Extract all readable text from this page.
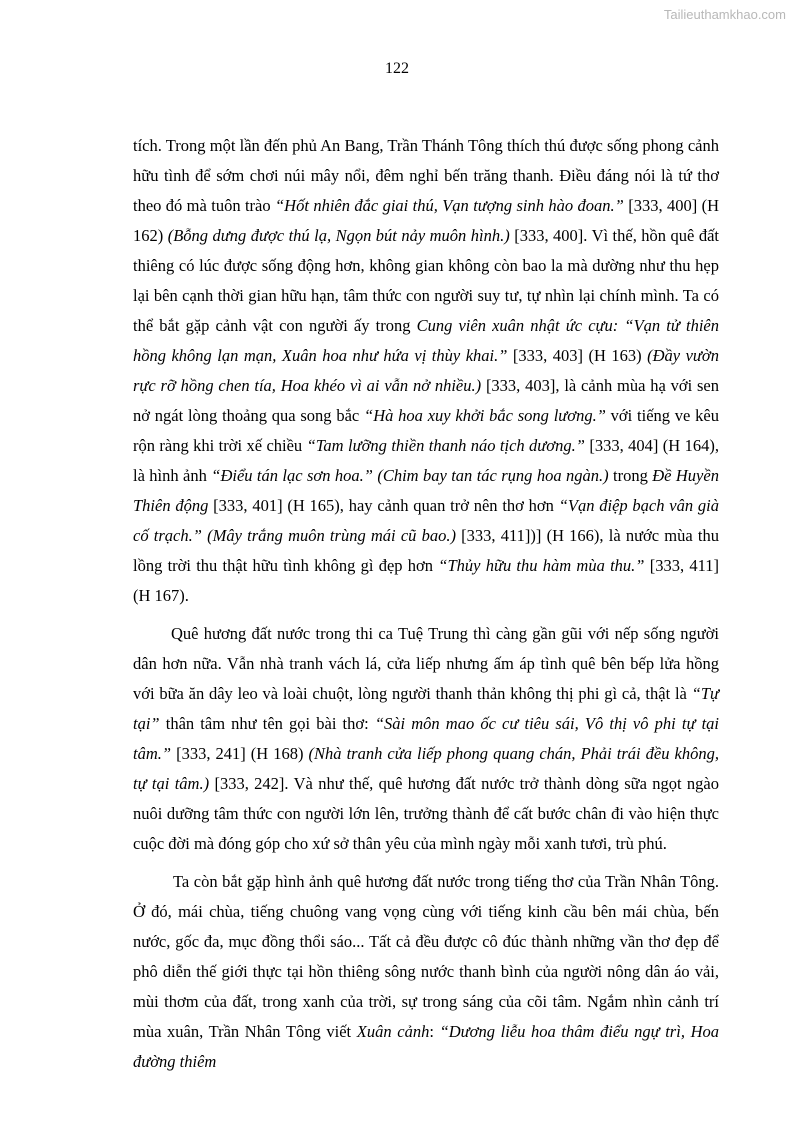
Tailieuthamkhao.com
122

tích. Trong một lần đến phủ An Bang, Trần Thánh Tông thích thú được sống phong cảnh hữu tình để sớm chơi núi mây nổi, đêm nghỉ bến trăng thanh. Điều đáng nói là tứ thơ theo đó mà tuôn trào “Hốt nhiên đắc giai thú, Vạn tượng sinh hào đoan.” [333, 400] (H 162) (Bỗng dưng được thú lạ, Ngọn bút nảy muôn hình.) [333, 400]. Vì thế, hồn quê đất thiêng có lúc được sống động hơn, không gian không còn bao la mà dường như thu hẹp lại bên cạnh thời gian hữu hạn, tâm thức con người suy tư, tự nhìn lại chính mình. Ta có thể bắt gặp cảnh vật con người ấy trong Cung viên xuân nhật ức cựu: “Vạn tử thiên hồng không lạn mạn, Xuân hoa như hứa vị thùy khai.” [333, 403] (H 163) (Đầy vườn rực rỡ hồng chen tía, Hoa khéo vì ai vẫn nở nhiều.) [333, 403], là cảnh mùa hạ với sen nở ngát lòng thoảng qua song bắc “Hà hoa xuy khởi bắc song lương.” với tiếng ve kêu rộn ràng khi trời xế chiều “Tam lưỡng thiền thanh náo tịch dương.” [333, 404] (H 164), là hình ảnh “Điểu tán lạc sơn hoa.” (Chim bay tan tác rụng hoa ngàn.) trong Đề Huyền Thiên động [333, 401] (H 165), hay cảnh quan trở nên thơ hơn “Vạn điệp bạch vân già cố trạch.” (Mây trắng muôn trùng mái cũ bao.) [333, 411])] (H 166), là nước mùa thu lồng trời thu thật hữu tình không gì đẹp hơn “Thủy hữu thu hàm mùa thu.” [333, 411] (H 167).

Quê hương đất nước trong thi ca Tuệ Trung thì càng gần gũi với nếp sống người dân hơn nữa. Vẫn nhà tranh vách lá, cửa liếp nhưng ấm áp tình quê bên bếp lửa hồng với bữa ăn dây leo và loài chuột, lòng người thanh thản không thị phi gì cả, thật là “Tự tại” thân tâm như tên gọi bài thơ: “Sài môn mao ốc cư tiêu sái, Vô thị vô phi tự tại tâm.” [333, 241] (H 168) (Nhà tranh cửa liếp phong quang chán, Phải trái đều không, tự tại tâm.) [333, 242]. Và như thế, quê hương đất nước trở thành dòng sữa ngọt ngào nuôi dưỡng tâm thức con người lớn lên, trưởng thành để cất bước chân đi vào hiện thực cuộc đời mà đóng góp cho xứ sở thân yêu của mình ngày mỗi xanh tươi, trù phú.

Ta còn bắt gặp hình ảnh quê hương đất nước trong tiếng thơ của Trần Nhân Tông. Ở đó, mái chùa, tiếng chuông vang vọng cùng với tiếng kinh cầu bên mái chùa, bến nước, gốc đa, mục đồng thổi sáo... Tất cả đều được cô đúc thành những vần thơ đẹp để phô diễn thế giới thực tại hồn thiêng sông nước thanh bình của người nông dân áo vải, mùi thơm của đất, trong xanh của trời, sự trong sáng của cõi tâm. Ngắm nhìn cảnh trí mùa xuân, Trần Nhân Tông viết Xuân cảnh: “Dương liễu hoa thâm điểu ngự trì, Hoa đường thiêm
